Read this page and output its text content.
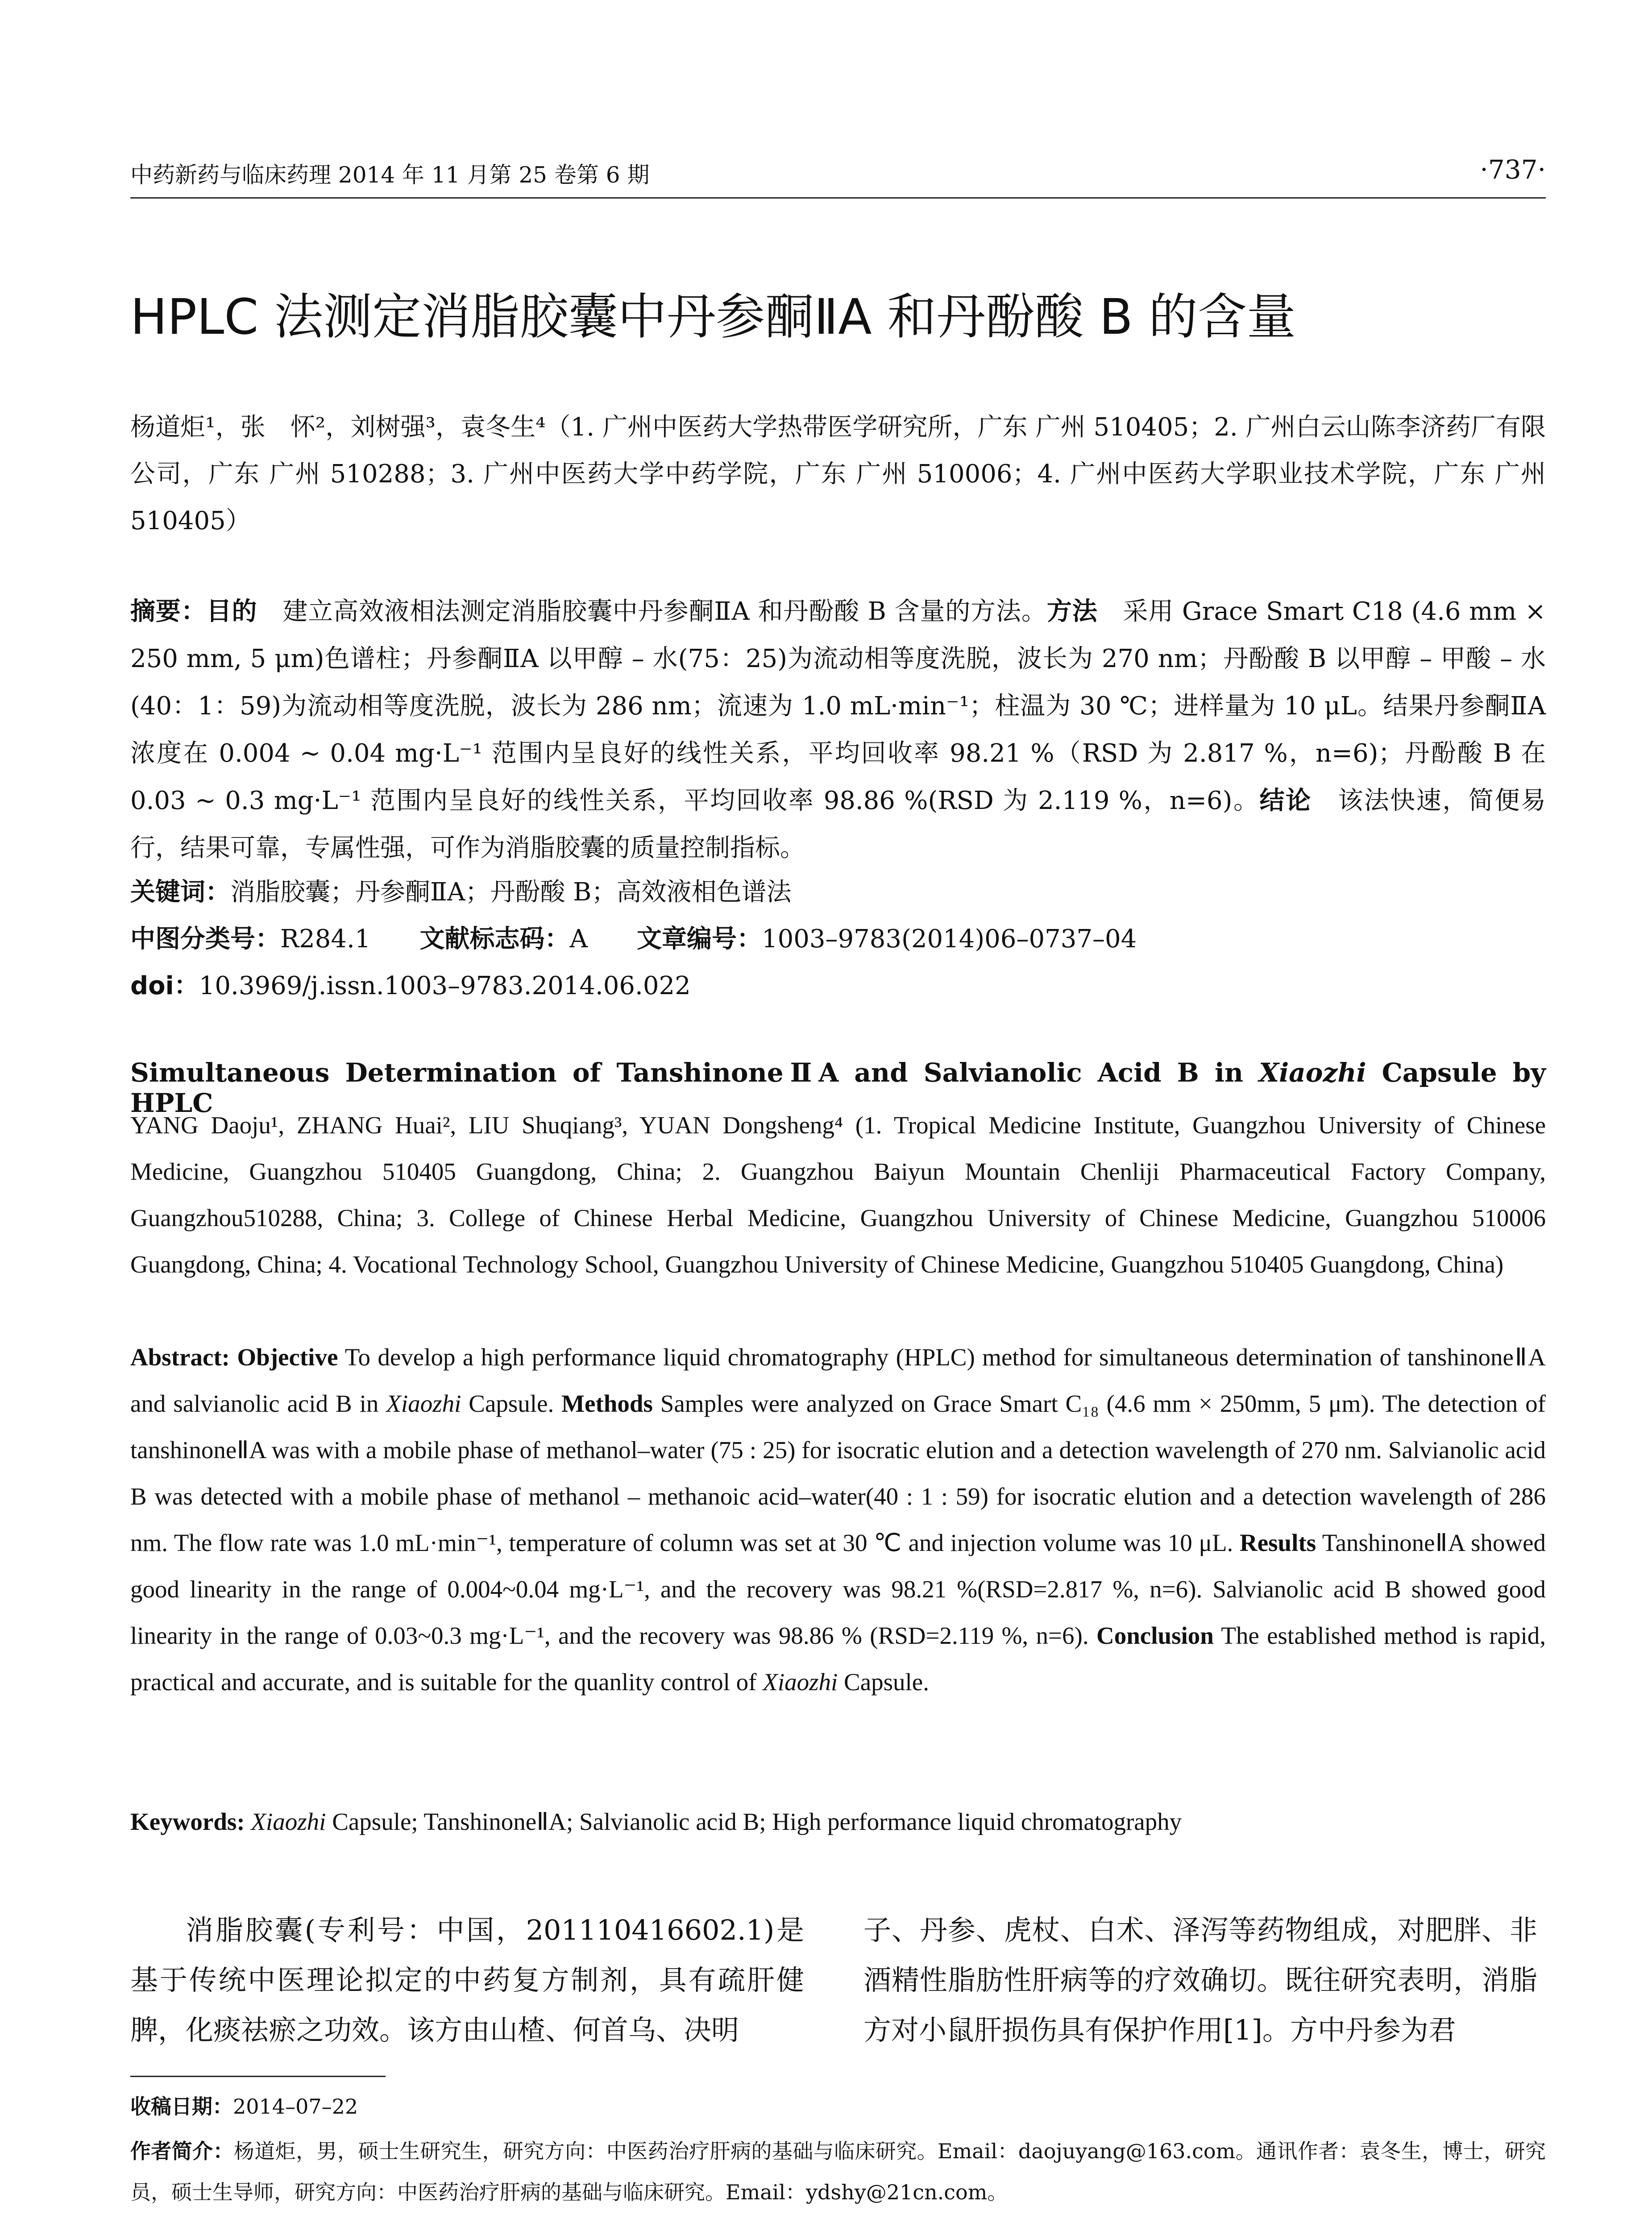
中药新药与临床药理 2014 年 11 月第 25 卷第 6 期	·737·
HPLC 法测定消脂胶囊中丹参酮ⅡA 和丹酚酸 B 的含量
杨道炬¹，张　怀²，刘树强³，袁冬生⁴（1. 广州中医药大学热带医学研究所，广东 广州 510405；2. 广州白云山陈李济药厂有限公司，广东 广州 510288；3. 广州中医药大学中药学院，广东 广州 510006；4. 广州中医药大学职业技术学院，广东 广州 510405）
摘要：目的　建立高效液相法测定消脂胶囊中丹参酮ⅡA 和丹酚酸 B 含量的方法。方法　采用 Grace Smart C18 (4.6 mm × 250 mm, 5 μm)色谱柱；丹参酮ⅡA 以甲醇 – 水(75：25)为流动相等度洗脱，波长为 270 nm；丹酚酸 B 以甲醇 – 甲酸 – 水(40：1：59)为流动相等度洗脱，波长为 286 nm；流速为 1.0 mL·min⁻¹；柱温为 30 ℃；进样量为 10 μL。结果丹参酮ⅡA 浓度在 0.004 ~ 0.04 mg·L⁻¹ 范围内呈良好的线性关系，平均回收率 98.21 %（RSD 为 2.817 %，n=6)；丹酚酸 B 在 0.03 ~ 0.3 mg·L⁻¹ 范围内呈良好的线性关系，平均回收率 98.86 %(RSD 为 2.119 %，n=6)。结论　该法快速，简便易行，结果可靠，专属性强，可作为消脂胶囊的质量控制指标。
关键词：消脂胶囊；丹参酮ⅡA；丹酚酸 B；高效液相色谱法
中图分类号：R284.1 文献标志码：A 文章编号：1003–9783(2014)06–0737–04
doi：10.3969/j.issn.1003–9783.2014.06.022
Simultaneous Determination of TanshinoneⅡA and Salvianolic Acid B in Xiaozhi Capsule by HPLC
YANG Daoju¹, ZHANG Huai², LIU Shuqiang³, YUAN Dongsheng⁴ (1. Tropical Medicine Institute, Guangzhou University of Chinese Medicine, Guangzhou 510405 Guangdong, China; 2. Guangzhou Baiyun Mountain Chenliji Pharmaceutical Factory Company, Guangzhou510288, China; 3. College of Chinese Herbal Medicine, Guangzhou University of Chinese Medicine, Guangzhou 510006 Guangdong, China; 4. Vocational Technology School, Guangzhou University of Chinese Medicine, Guangzhou 510405 Guangdong, China)
Abstract: Objective To develop a high performance liquid chromatography (HPLC) method for simultaneous determination of tanshinoneⅡA and salvianolic acid B in Xiaozhi Capsule. Methods Samples were analyzed on Grace Smart C₁₈ (4.6 mm × 250mm, 5 μm). The detection of tanshinoneⅡA was with a mobile phase of methanol–water (75 : 25) for isocratic elution and a detection wavelength of 270 nm. Salvianolic acid B was detected with a mobile phase of methanol – methanoic acid–water(40 : 1 : 59) for isocratic elution and a detection wavelength of 286 nm. The flow rate was 1.0 mL·min⁻¹, temperature of column was set at 30 ℃ and injection volume was 10 μL. Results TanshinoneⅡA showed good linearity in the range of 0.004~0.04 mg·L⁻¹, and the recovery was 98.21 %(RSD=2.817 %, n=6). Salvianolic acid B showed good linearity in the range of 0.03~0.3 mg·L⁻¹, and the recovery was 98.86 % (RSD=2.119 %, n=6). Conclusion The established method is rapid, practical and accurate, and is suitable for the quanlity control of Xiaozhi Capsule.
Keywords: Xiaozhi Capsule; TanshinoneⅡA; Salvianolic acid B; High performance liquid chromatography
消脂胶囊(专利号：中国，201110416602.1)是基于传统中医理论拟定的中药复方制剂，具有疏肝健脾，化痰祛瘀之功效。该方由山楂、何首乌、决明
子、丹参、虎杖、白术、泽泻等药物组成，对肥胖、非酒精性脂肪性肝病等的疗效确切。既往研究表明，消脂方对小鼠肝损伤具有保护作用[1]。方中丹参为君
收稿日期：2014–07–22
作者简介：杨道炬，男，硕士生研究生，研究方向：中医药治疗肝病的基础与临床研究。Email：daojuyang@163.com。通讯作者：袁冬生，博士，研究员，硕士生导师，研究方向：中医药治疗肝病的基础与临床研究。Email：ydshy@21cn.com。
